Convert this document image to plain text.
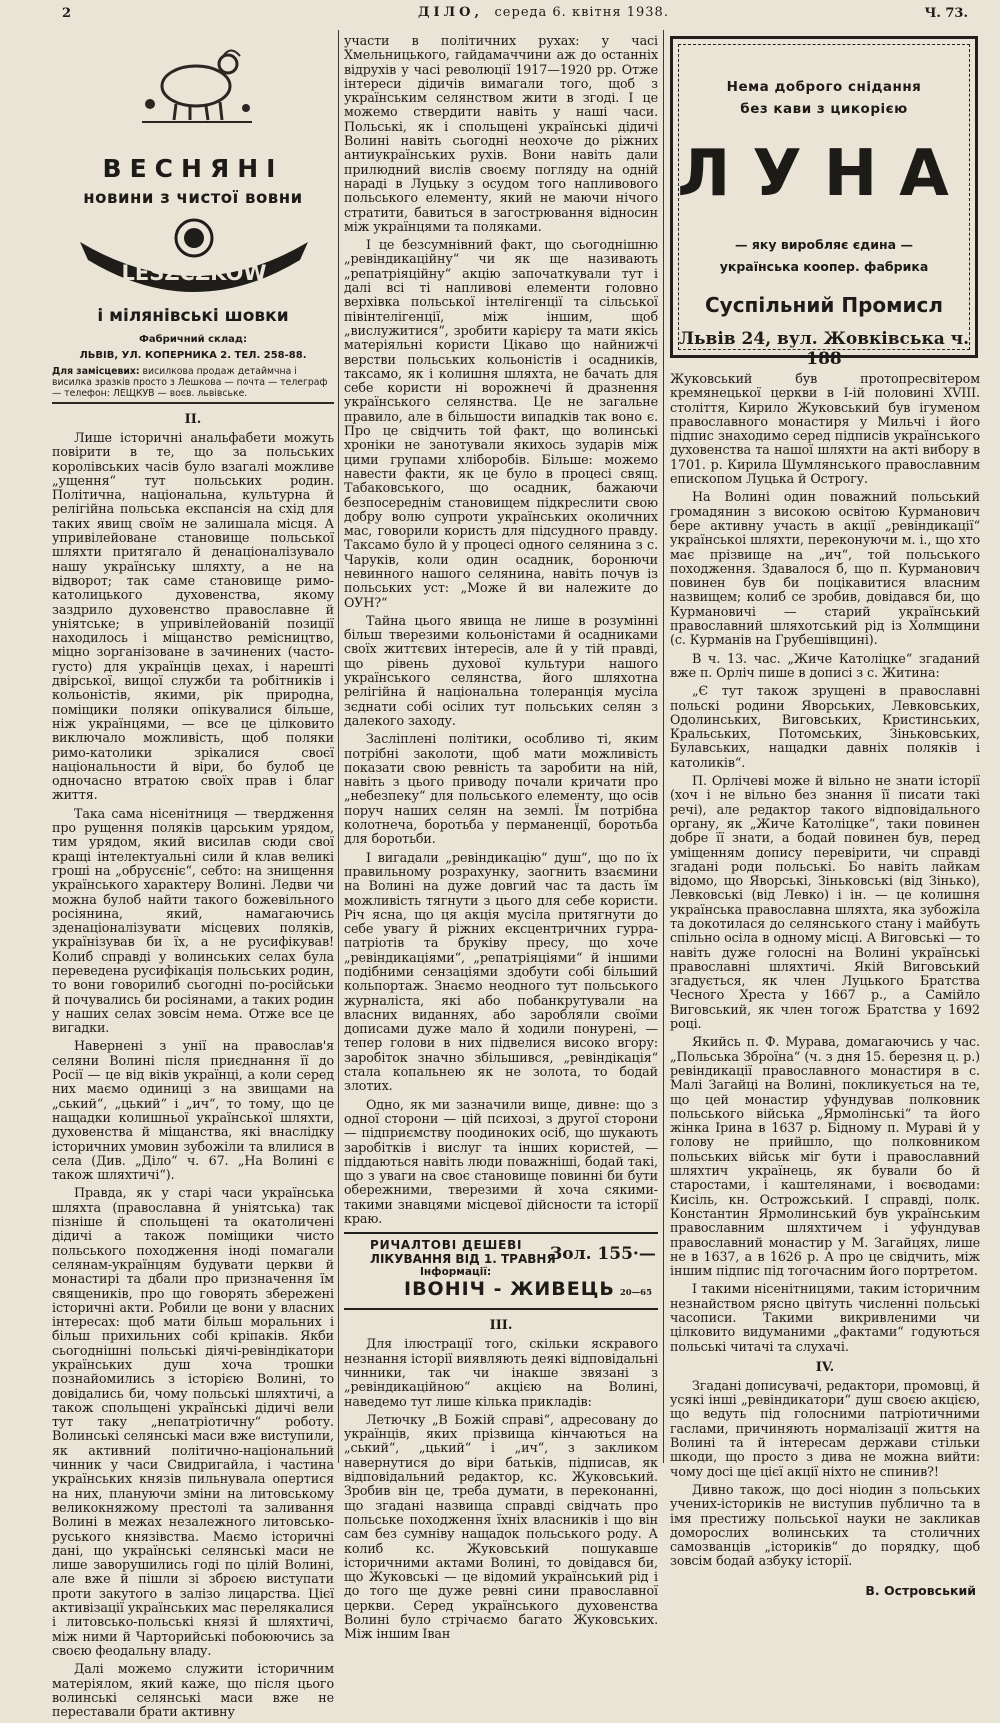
2	ДІЛО, середа 6. квітня 1938.	Ч. 73.
ВЕСНЯНІ
новини з чистої вовни
LESZCZKOW
і мілянівські шовки
Фабричний склад:
ЛЬВІВ, УЛ. КОПЕРНИКА 2. ТЕЛ. 258-88.
Для замісцевих: висилкова продаж детаймчна і висилка зразків просто з Лешкова — почта — телеграф — телефон: ЛЕЩКУВ — воєв. львівське.
II.

Лише історичні анальфабети можуть повірити в те, що за польських королівських часів було взагалі можливе „ущення“ тут польських родин. Політична, національна, культурна й релігійна польська експансія на схід для таких явищ своїм не залишала місця. А упривілейоване становище польської шляхти притягало й денаціоналізувало нашу українську шляхту, а не на відворот; так саме становище римо-католицького духовенства, якому заздрило духовенство православне й уніятське; в упривілейованій позиції находилось і міщанство ремісництво, міцно зорганізоване в зачинених (часто-густо) для українців цехах, і нарешті двірської, вищої служби та робітників і кольоністів, якими, рік природна, поміщики поляки опікувалися більше, ніж українцями, — все це цілковито виключало можливість, щоб поляки римо-католики зрікалися своєї національности й віри, бо булоб це одночасно втратою своїх прав і благ життя.

Така сама нісенітниця — твердження про рущення поляків царським урядом, тим урядом, який висилав сюди свої кращі інтелектуальні сили й клав великі гроші на „обрусєніє“, себто: на знищення українського характеру Волині. Ледви чи можна булоб найти такого божевільного росіянина, який, намагаючись зденаціоналізувати місцевих поляків, українізував би їх, а не русифікував! Колиб справді у волинських селах була переведена русифікація польських родин, то вони говорилиб сьогодні по-російськи й почувались би росіянами, а таких родин у наших селах зовсім нема. Отже все це вигадки.

Навернені з унії на православ'я селяни Волині після приєднання її до Росії — це від віків українці, а коли серед них маємо одиниці з на звищами на „ський“, „цький“ і „ич“, то тому, що це нащадки колишньої української шляхти, духовенства й міщанства, які внаслідку історичних умовин зубожіли та влилися в села (Див. „Діло“ ч. 67. „На Волині є також шляхтичі“).

Правда, як у старі часи українська шляхта (православна й уніятська) так пізніше й спольщені та окатоличені дідичі а також поміщики чисто польського походження іноді помагали селянам-українцям будувати церкви й монастирі та дбали про призначення їм священиків, про що говорять збережені історичні акти. Робили це вони у власних інтересах: щоб мати більш моральних і більш прихильних собі кріпаків. Якби сьогоднішні польські діячі-ревіндікатори українських душ хоча трошки познайомились з історією Волині, то довідались би, чому польські шляхтичі, а також спольщені українські дідичі вели тут таку „непатріотичну“ роботу. Волинські селянські маси вже виступили, як активний політично-національний чинник у часи Свидригайла, і частина українських князів пильнувала опертися на них, плануючи зміни на литовському великокняжому престолі та заливання Волині в межах незалежного литовсько-руського князівства. Маємо історичні дані, що українські селянські маси не лише заворушились годі по цілій Волині, але вже й пішли зі зброєю виступати проти закутого в залізо лицарства. Цієї активізації українських мас перелякалися і литовсько-польські князі й шляхтичі, між ними й Чарторийські побоюючись за своєю феодальну владу.

Далі можемо служити історичним матеріялом, який каже, що після цього волинські селянські маси вже не переставали брати активну

участи в політичних рухах: у часі Хмельницького, гайдамаччини аж до останніх відрухів у часі революції 1917—1920 рр. Отже інтереси дідичів вимагали того, щоб з українським селянством жити в згоді. І це можемо ствердити навіть у наші часи. Польські, як і спольщені українські дідичі Волині навіть сьогодні неохоче до ріжних антиукраїнських рухів. Вони навіть дали прилюдний вислів своєму погляду на одній нараді в Луцьку з осудом того напливового польського елементу, який не маючи нічого стратити, бавиться в загострювання відносин між українцями та поляками.

І це безсумнівний факт, що сьогоднішню „ревіндикаційну“ чи як ще називають „репатріяційну“ акцію започаткували тут і далі всі ті напливові елементи головно верхівка польської інтелігенції та сільської півінтелігенції, між іншим, щоб „вислужитися“, зробити карієру та мати якісь матеріяльні користи Цікаво що найнижчі верстви польських кольоністів і осадників, таксамо, як і колишня шляхта, не бачать для себе користи ні ворожнечі й дразнення українського селянства. Це не загальне правило, але в більшости випадків так воно є. Про це свідчить той факт, що волинські хроніки не занотували якихось зударів між цими групами хліборобів. Більше: можемо навести факти, як це було в процесі свящ. Табаковського, що осадник, бажаючи безпосереднім становищем підкреслити свою добру волю супроти українських околичних мас, говорили користь для підсудного правду. Таксамо було й у процесі одного селянина з с. Чаруків, коли один осадник, боронючи невинного нашого селянина, навіть почув із польських уст: „Може й ви належите до ОУН?“

Тайна цього явища не лише в розумінні більш тверезими кольоністами й осадниками своїх життєвих інтересів, але й у тій правді, що рівень духової культури нашого українського селянства, його шляхотна релігійна й національна толеранція мусіла зєднати собі осілих тут польських селян з далекого заходу.

Засліплені політики, особливо ті, яким потрібні заколоти, щоб мати можливість показати свою ревність та заробити на ній, навіть з цього приводу почали кричати про „небезпеку“ для польського елементу, що осів поруч наших селян на землі. Їм потрібна колотнеча, боротьба у перманенції, боротьба для боротьби.

І вигадали „ревіндикацію“ душ“, що по їх правильному розрахунку, заогнить взаємини на Волині на дуже довгий час та дасть їм можливість тягнути з цього для себе користи. Річ ясна, що ця акція мусіла притягнути до себе увагу й ріжних ексцентричних гурра-патріотів та бруківу пресу, що хоче „ревіндикаціями“, „репатріяціями“ й іншими подібними сензаціями здобути собі більший кольпортаж. Знаємо неодного тут польського журналіста, які або побанкрутували на власних виданнях, або заробляли своїми дописами дуже мало й ходили понурені, — тепер голови в них підвелися високо вгору: заробіток значно збільшився, „ревіндікація“ стала копальнею як не золота, то бодай злотих.

Одно, як ми зазначили вище, дивне: що з одної сторони — цій психозі, з другої сторони — підприємству поодиноких осіб, що шукають заробітків і вислуг та інших користей, — піддаються навіть люди поважніші, бодай такі, що з уваги на своє становище повинні би бути обережними, тверезими й хоча сякими-такими знавцями місцевої дійсности та історії краю.

РИЧАЛТОВІ ДЕШЕВІ
ЛІКУВАННЯ ВІД 1. ТРАВНЯ
Інформації:
Зол. 155·—
ІВОНІЧ - ЖИВЕЦЬ 20—65
III.

Для ілюстрації того, скільки яскравого незнання історії виявляють деякі відповідальні чинники, так чи інакше звязані з „ревіндикаційною“ акцією на Волині, наведемо тут лише кілька прикладів:

Летючку „В Божій справі“, адресовану до українців, яких прізвища кінчаються на „ський“, „цький“ і „ич“, з закликом навернутися до віри батьків, підписав, як відповідальний редактор, кс. Жуковський. Зробив він це, треба думати, в переконанні, що згадані назвища справді свідчать про польське походження їхніх власників і що він сам без сумніву нащадок польського роду. А колиб кс. Жуковський пошукавше історичними актами Волині, то довідався би, що Жуковські — це відомий український рід і до того ще дуже ревні сини православної церкви. Серед українського духовенства Волині було стрічаємо багато Жуковських. Між іншим Іван

Нема доброго снідання
без кави з цикорією
ЛУНА
— яку виробляє єдина —
українська коопер. фабрика
Суспільний Промисл
Львів 24, вул. Жовківська ч. 188

Жуковський був протопресвітером кремянецької церкви в І-ій половині XVIII. століття, Кирило Жуковський був ігуменом православного монастиря у Мильчі і його підпис знаходимо серед підписів українського духовенства та нашої шляхти на акті вибору в 1701. р. Кирила Шумлянського православним епископом Луцька й Острогу.

На Волині один поважний польський громадянин з високою освітою Курманович бере активну участь в акції „ревіндикації“ українськоі шляхти, переконуючи м. і., що хто має прізвище на „ич“, той польського походження. Здавалося б, що п. Курманович повинен був би поцікавитися власним назвищем; колиб се зробив, довідався би, що Курмановичі — старий український православний шляхотський рід із Холмщини (с. Курманів на Грубешівщині).

В ч. 13. час. „Жиче Католіцке“ згаданий вже п. Орліч пише в дописі з с. Житина:

„Є тут також зрущені в православні польскі родини Яворських, Левковських, Одолинських, Виговських, Кристинських, Кральських, Потомських, Зіньковських, Булавських, нащадки давніх поляків і католиків“.

П. Орлічеві може й вільно не знати історії (хоч і не вільно без знання її писати такі речі), але редактор такого відповідального органу, як „Жиче Католіцке“, таки повинен добре її знати, а бодай повинен був, перед уміщенням допису перевірити, чи справді згадані роди польські. Бо навіть лайкам відомо, що Яворські, Зіньковські (від Зінько), Левковські (від Левко) і ін. — це колишня українська православна шляхта, яка зубожіла та докотилася до селянського стану і майбуть спільно осіла в одному місці. А Виговські — то навіть дуже голосні на Волині українські православні шляхтичі. Якій Виговський згадується, як член Луцького Братства Чесного Хреста у 1667 р., а Самійло Виговський, як член тогож Братства у 1692 році.

Якийсь п. Ф. Мурава, домагаючись у час. „Польська Зброїна“ (ч. з дня 15. березня ц. р.) ревіндикації православного монастиря в с. Малі Загайці на Волині, покликується на те, що цей монастир уфундував полковник польського війська „Ярмолінські“ та його жінка Ірина в 1637 р. Бідному п. Мураві й у голову не прийшло, що полковником польських військ міг бути і православний шляхтич українець, як бували бо й старостами, і каштелянами, і воєводами: Кисіль, кн. Острожський. І справді, полк. Константин Ярмолинський був українським православним шляхтичем і уфундував православний монастир у М. Загайцях, лише не в 1637, а в 1626 р. А про це свідчить, між іншим підпис під тогочасним його портретом.

І такими нісенітницями, таким історичним незнайством рясно цвітуть численні польські часописи. Такими викривленими чи цілковито видуманими „фактами“ годуються польські читачі та слухачі.

IV.

Згадані дописувачі, редактори, промовці, й усякі інші „ревіндикатори“ душ своєю акцією, що ведуть під голосними патріотичними гаслами, причиняють нормалізації життя на Волині та й інтересам держави стільки шкоди, що просто з дива не можна вийти: чому досі ще цієї акції ніхто не спинив?!

Дивно також, що досі ніодин з польських учених-істориків не виступив публично та в імя престижу польської науки не закликав доморослих волинських та столичних самозванців „істориків“ до порядку, щоб зовсім бодай азбуку історії.

В. Островський
